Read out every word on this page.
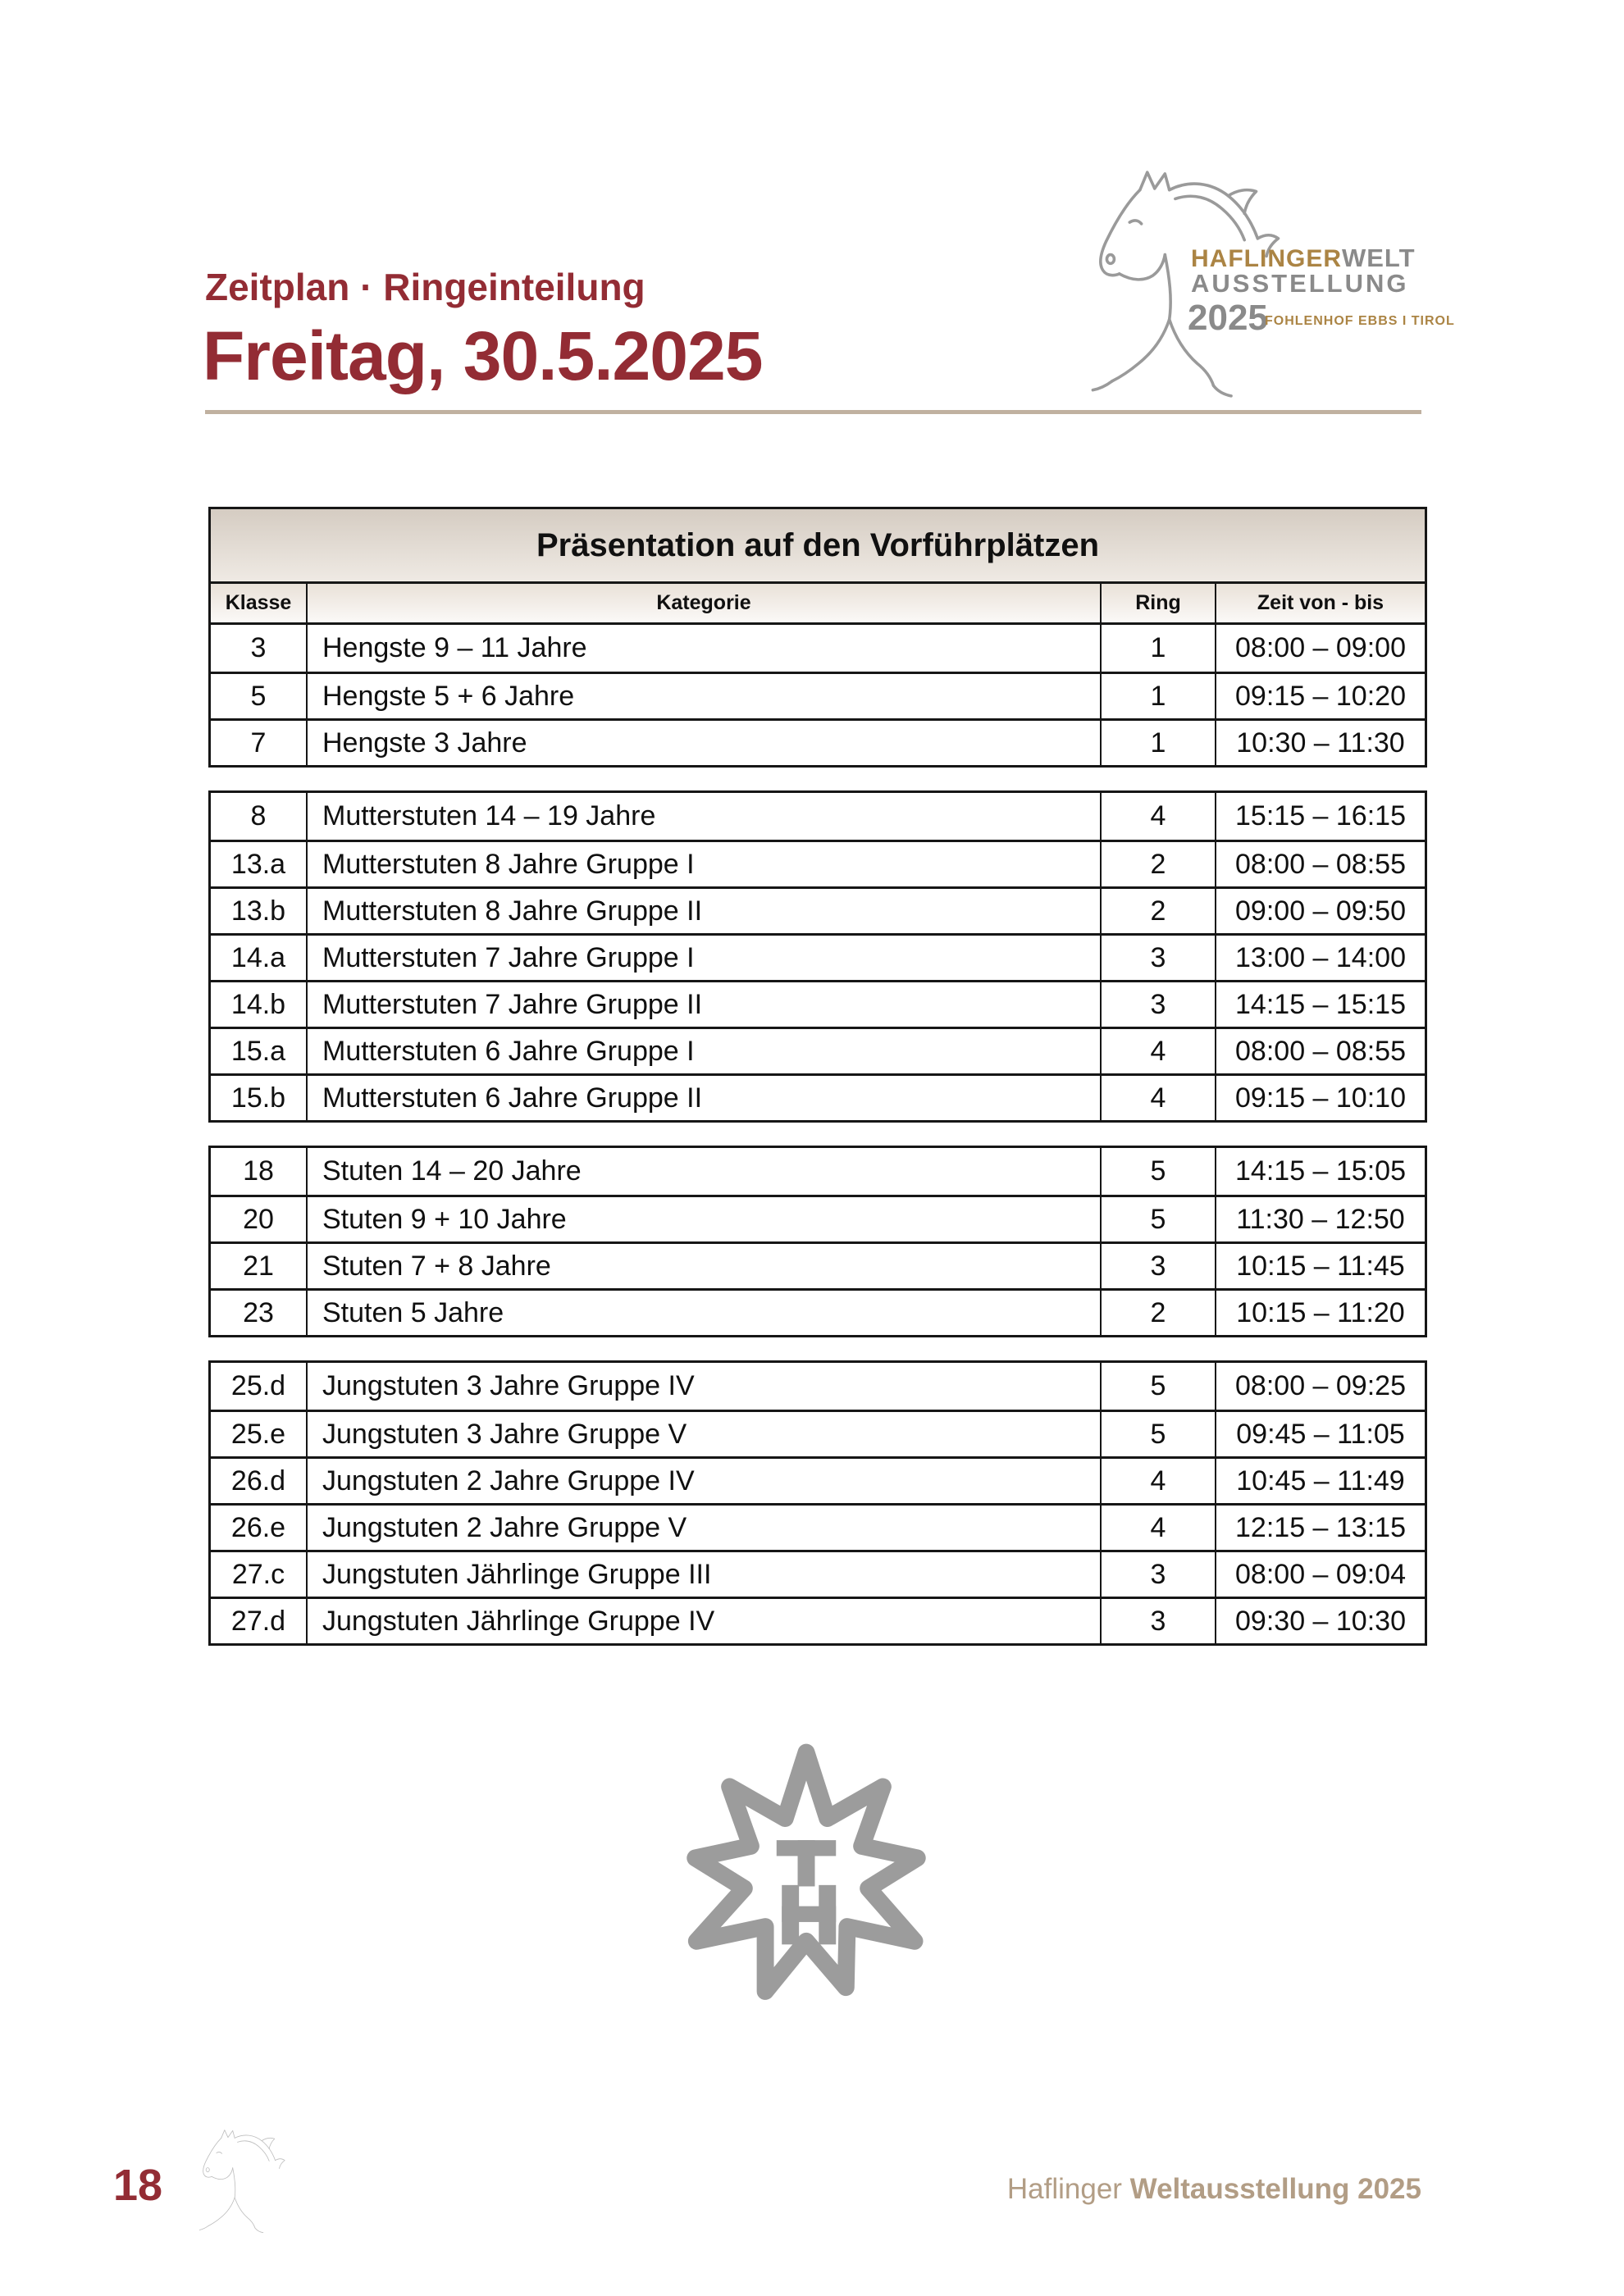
Zeitplan · Ringeinteilung
Freitag, 30.5.2025
HAFLINGERWELT
AUSSTELLUNG
2025
FOHLENHOF EBBS I TIROL
Präsentation auf den Vorführplätzen
Klasse	Kategorie	Ring	Zeit von - bis
3	Hengste 9 – 11 Jahre	1	08:00 – 09:00
5	Hengste 5 + 6 Jahre	1	09:15 – 10:20
7	Hengste 3 Jahre	1	10:30 – 11:30
8	Mutterstuten 14 – 19 Jahre	4	15:15 – 16:15
13.a	Mutterstuten 8 Jahre Gruppe I	2	08:00 – 08:55
13.b	Mutterstuten 8 Jahre Gruppe II	2	09:00 – 09:50
14.a	Mutterstuten 7 Jahre Gruppe I	3	13:00 – 14:00
14.b	Mutterstuten 7 Jahre Gruppe II	3	14:15 – 15:15
15.a	Mutterstuten 6 Jahre Gruppe I	4	08:00 – 08:55
15.b	Mutterstuten 6 Jahre Gruppe II	4	09:15 – 10:10
18	Stuten 14 – 20 Jahre	5	14:15 – 15:05
20	Stuten 9 + 10 Jahre	5	11:30 – 12:50
21	Stuten 7 + 8 Jahre	3	10:15 – 11:45
23	Stuten 5 Jahre	2	10:15 – 11:20
25.d	Jungstuten 3 Jahre Gruppe IV	5	08:00 – 09:25
25.e	Jungstuten 3 Jahre Gruppe V	5	09:45 – 11:05
26.d	Jungstuten 2 Jahre Gruppe IV	4	10:45 – 11:49
26.e	Jungstuten 2 Jahre Gruppe V	4	12:15 – 13:15
27.c	Jungstuten Jährlinge Gruppe III	3	08:00 – 09:04
27.d	Jungstuten Jährlinge Gruppe IV	3	09:30 – 10:30
18	Haflinger Weltausstellung 2025
